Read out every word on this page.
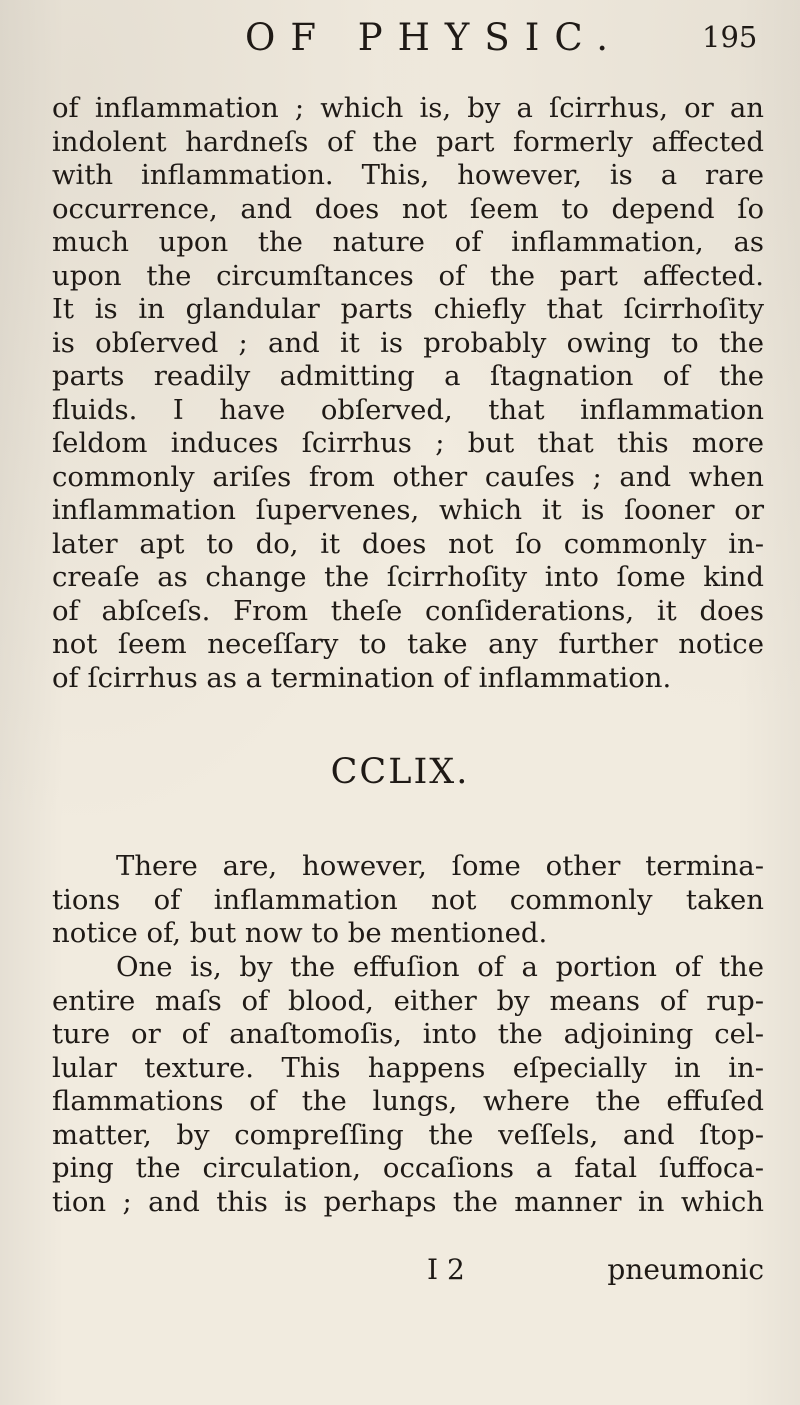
OF PHYSIC.	195
of inflammation ; which is, by a ſcirrhus, or an
indolent hardneſs of the part formerly affected
with inflammation. This, however, is a rare
occurrence, and does not ſeem to depend ſo
much upon the nature of inflammation, as
upon the circumſtances of the part affected.
It is in glandular parts chiefly that ſcirrhoſity
is obſerved ; and it is probably owing to the
parts readily admitting a ſtagnation of the
fluids. I have obſerved, that inflammation
ſeldom induces ſcirrhus ; but that this more
commonly ariſes from other cauſes ; and when
inflammation ſupervenes, which it is ſooner or
later apt to do, it does not ſo commonly in-
creaſe as change the ſcirrhoſity into ſome kind
of abſceſs. From theſe conſiderations, it does
not ſeem neceſſary to take any further notice
of ſcirrhus as a termination of inflammation.
CCLIX.
There are, however, ſome other termina-
tions of inflammation not commonly taken
notice of, but now to be mentioned.
One is, by the effuſion of a portion of the
entire maſs of blood, either by means of rup-
ture or of anaſtomoſis, into the adjoining cel-
lular texture. This happens eſpecially in in-
flammations of the lungs, where the effuſed
matter, by compreſſing the veſſels, and ſtop-
ping the circulation, occaſions a fatal ſuffoca-
tion ; and this is perhaps the manner in which
I 2	pneumonic
